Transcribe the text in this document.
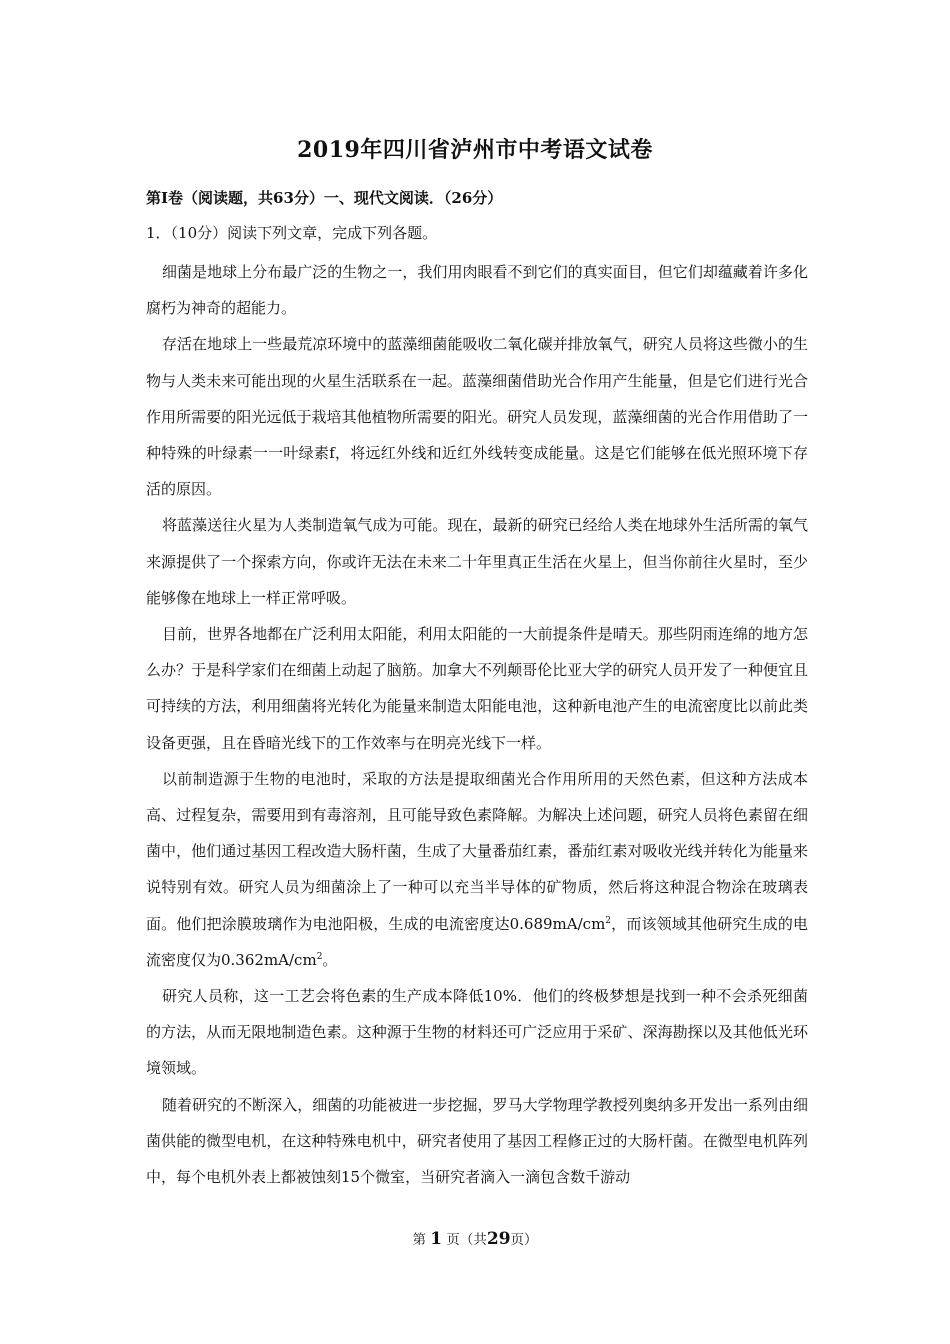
2019年四川省泸州市中考语文试卷
第I卷（阅读题，共63分）一、现代文阅读．（26分）
1．（10分）阅读下列文章，完成下列各题。

细菌是地球上分布最广泛的生物之一，我们用肉眼看不到它们的真实面目，但它们却蕴藏着许多化腐朽为神奇的超能力。

存活在地球上一些最荒凉环境中的蓝藻细菌能吸收二氧化碳并排放氧气，研究人员将这些微小的生物与人类未来可能出现的火星生活联系在一起。蓝藻细菌借助光合作用产生能量，但是它们进行光合作用所需要的阳光远低于栽培其他植物所需要的阳光。研究人员发现，蓝藻细菌的光合作用借助了一种特殊的叶绿素一一叶绿素f，将远红外线和近红外线转变成能量。这是它们能够在低光照环境下存活的原因。

将蓝藻送往火星为人类制造氧气成为可能。现在，最新的研究已经给人类在地球外生活所需的氧气来源提供了一个探索方向，你或许无法在未来二十年里真正生活在火星上，但当你前往火星时，至少能够像在地球上一样正常呼吸。

目前，世界各地都在广泛利用太阳能，利用太阳能的一大前提条件是晴天。那些阴雨连绵的地方怎么办？于是科学家们在细菌上动起了脑筋。加拿大不列颠哥伦比亚大学的研究人员开发了一种便宜且可持续的方法，利用细菌将光转化为能量来制造太阳能电池，这种新电池产生的电流密度比以前此类设备更强，且在昏暗光线下的工作效率与在明亮光线下一样。

以前制造源于生物的电池时，采取的方法是提取细菌光合作用所用的天然色素，但这种方法成本高、过程复杂，需要用到有毒溶剂，且可能导致色素降解。为解决上述问题，研究人员将色素留在细菌中，他们通过基因工程改造大肠杆菌，生成了大量番茄红素，番茄红素对吸收光线并转化为能量来说特别有效。研究人员为细菌涂上了一种可以充当半导体的矿物质，然后将这种混合物涂在玻璃表面。他们把涂膜玻璃作为电池阳极，生成的电流密度达$0.689mA/cm^2$，而该领域其他研究生成的电流密度仅为$0.362mA/cm^2$。

研究人员称，这一工艺会将色素的生产成本降低10%．他们的终极梦想是找到一种不会杀死细菌的方法，从而无限地制造色素。这种源于生物的材料还可广泛应用于采矿、深海勘探以及其他低光环境领域。

随着研究的不断深入，细菌的功能被进一步挖掘，罗马大学物理学教授列奥纳多开发出一系列由细菌供能的微型电机，在这种特殊电机中，研究者使用了基因工程修正过的大肠杆菌。在微型电机阵列中，每个电机外表上都被蚀刻15个微室，当研究者滴入一滴包含数千游动

第 1 页（共29页）
